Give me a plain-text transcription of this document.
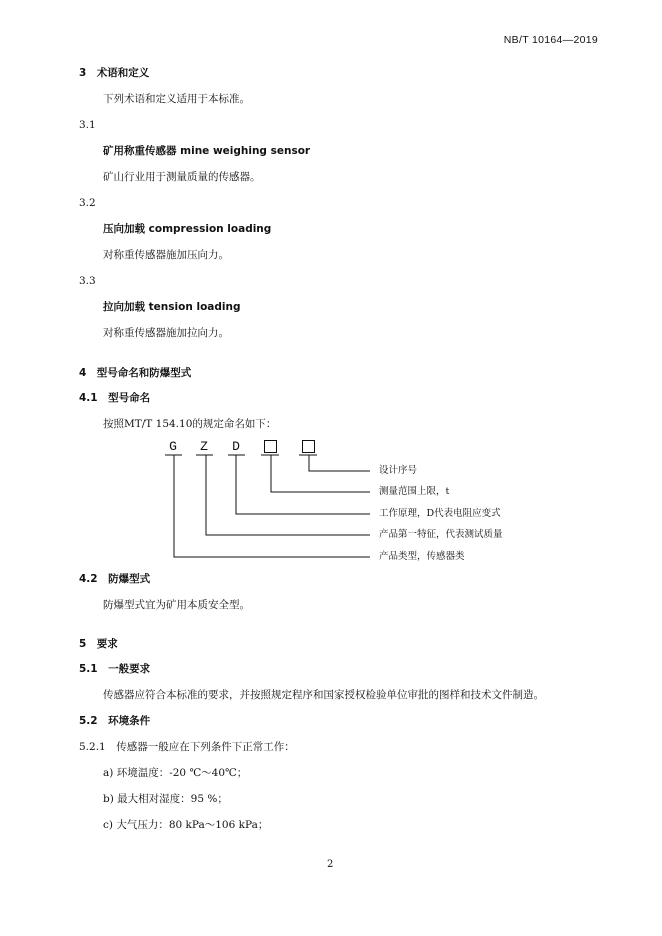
NB/T 10164—2019
3　术语和定义
下列术语和定义适用于本标准。
3.1
矿用称重传感器 mine weighing sensor
矿山行业用于测量质量的传感器。
3.2
压向加载 compression loading
对称重传感器施加压向力。
3.3
拉向加载 tension loading
对称重传感器施加拉向力。
4　型号命名和防爆型式
4.1　型号命名
按照MT/T 154.10的规定命名如下：
G Z D
设计序号
测量范围上限，t
工作原理，D代表电阻应变式
产品第一特征，代表测试质量
产品类型，传感器类
4.2　防爆型式
防爆型式宜为矿用本质安全型。
5　要求
5.1　一般要求
传感器应符合本标准的要求，并按照规定程序和国家授权检验单位审批的图样和技术文件制造。
5.2　环境条件
5.2.1　传感器一般应在下列条件下正常工作：
a) 环境温度：-20 ℃～40℃；
b) 最大相对湿度：95 %；
c) 大气压力：80 kPa～106 kPa；
2
